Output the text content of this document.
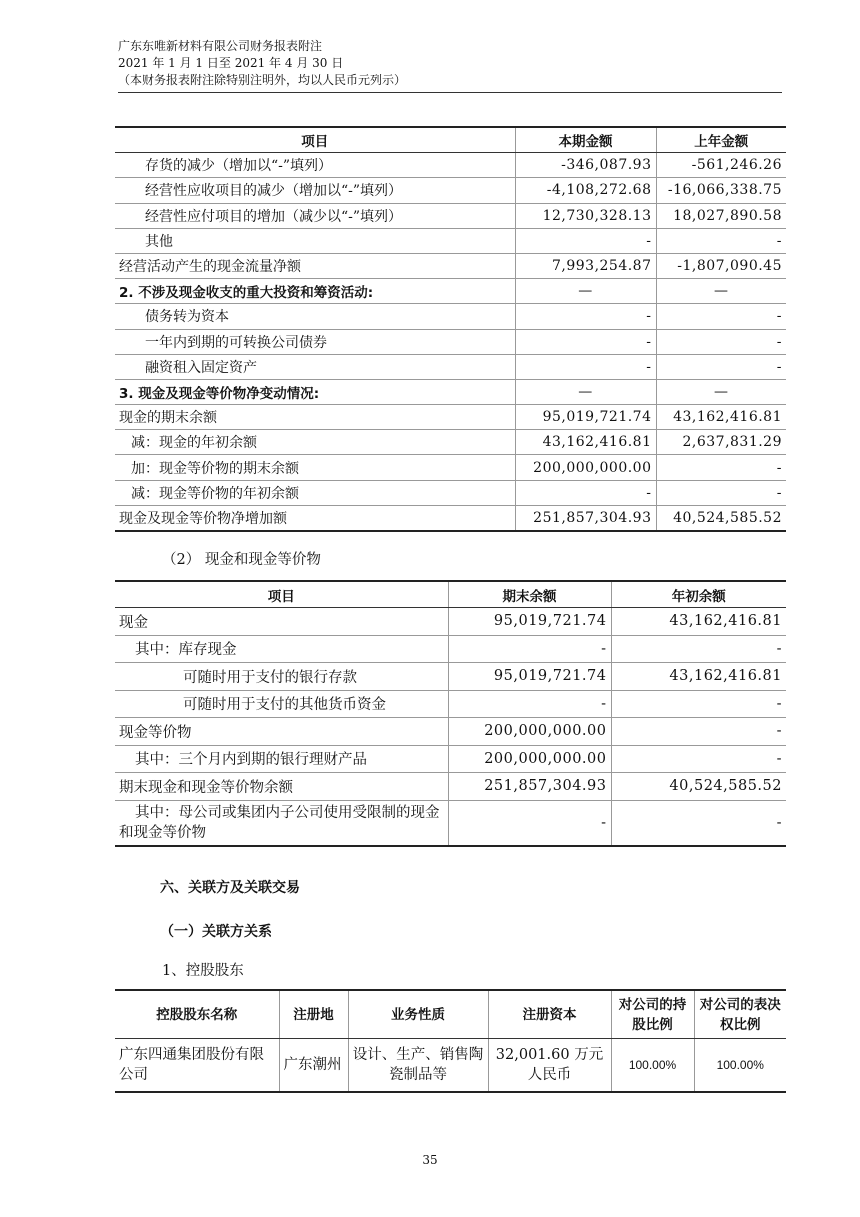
广东东唯新材料有限公司财务报表附注
2021 年 1 月 1 日至 2021 年 4 月 30 日
（本财务报表附注除特别注明外，均以人民币元列示）
项目	本期金额	上年金额
存货的减少（增加以“-”填列）	-346,087.93	-561,246.26
经营性应收项目的减少（增加以“-”填列）	-4,108,272.68	-16,066,338.75
经营性应付项目的增加（减少以“-”填列）	12,730,328.13	18,027,890.58
其他	-	-
经营活动产生的现金流量净额	7,993,254.87	-1,807,090.45
2. 不涉及现金收支的重大投资和筹资活动:	—	—
债务转为资本	-	-
一年内到期的可转换公司债券	-	-
融资租入固定资产	-	-
3. 现金及现金等价物净变动情况:	—	—
现金的期末余额	95,019,721.74	43,162,416.81
减：现金的年初余额	43,162,416.81	2,637,831.29
加：现金等价物的期末余额	200,000,000.00	-
减：现金等价物的年初余额	-	-
现金及现金等价物净增加额	251,857,304.93	40,524,585.52
（2） 现金和现金等价物
项目	期末余额	年初余额
现金	95,019,721.74	43,162,416.81
其中：库存现金	-	-
可随时用于支付的银行存款	95,019,721.74	43,162,416.81
可随时用于支付的其他货币资金	-	-
现金等价物	200,000,000.00	-
其中：三个月内到期的银行理财产品	200,000,000.00	-
期末现金和现金等价物余额	251,857,304.93	40,524,585.52
其中：母公司或集团内子公司使用受限制的现金和现金等价物	-	-
六、关联方及关联交易
（一）关联方关系
1、控股股东
控股股东名称	注册地	业务性质	注册资本	对公司的持股比例	对公司的表决权比例
广东四通集团股份有限公司	广东潮州	设计、生产、销售陶瓷制品等	32,001.60 万元人民币	100.00%	100.00%
35
